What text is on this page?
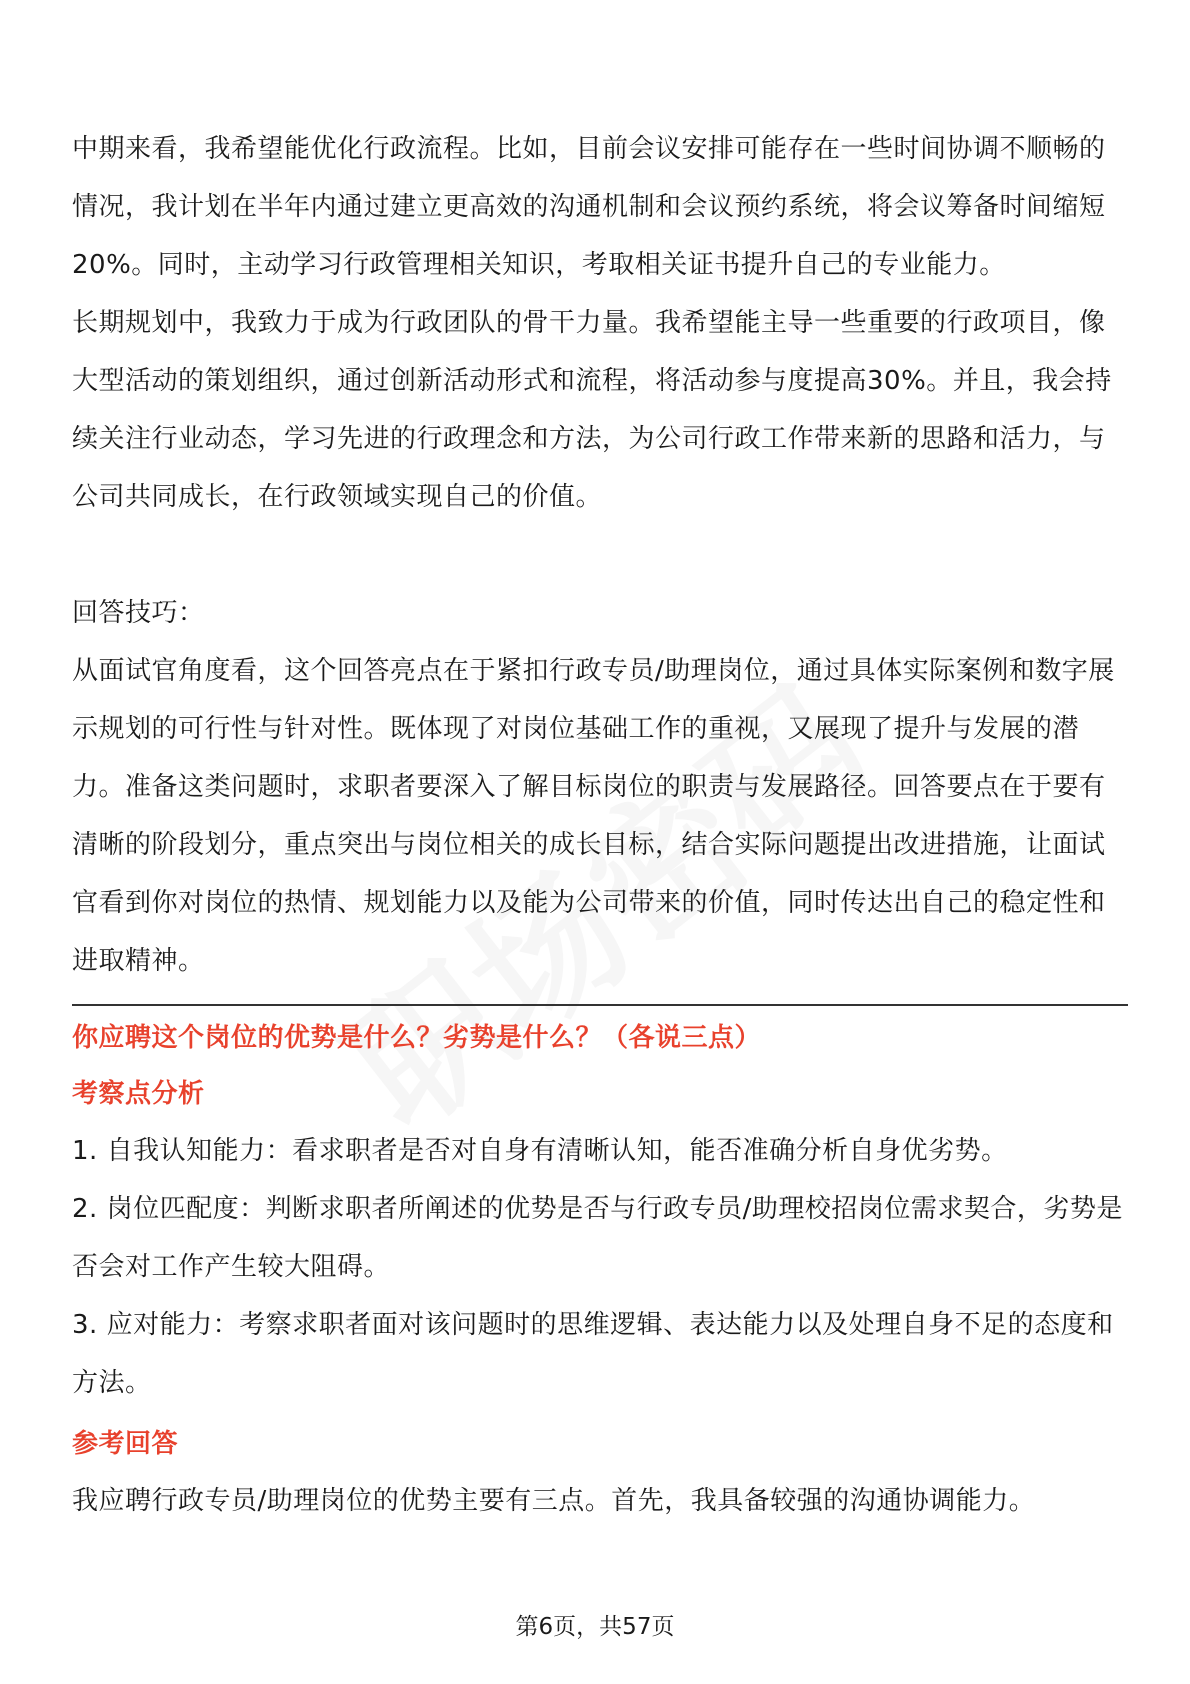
中期来看，我希望能优化行政流程。比如，目前会议安排可能存在一些时间协调不顺畅的情况，我计划在半年内通过建立更高效的沟通机制和会议预约系统，将会议筹备时间缩短20%。同时，主动学习行政管理相关知识，考取相关证书提升自己的专业能力。

长期规划中，我致力于成为行政团队的骨干力量。我希望能主导一些重要的行政项目，像大型活动的策划组织，通过创新活动形式和流程，将活动参与度提高30%。并且，我会持续关注行业动态，学习先进的行政理念和方法，为公司行政工作带来新的思路和活力，与公司共同成长，在行政领域实现自己的价值。

回答技巧：

从面试官角度看，这个回答亮点在于紧扣行政专员/助理岗位，通过具体实际案例和数字展示规划的可行性与针对性。既体现了对岗位基础工作的重视，又展现了提升与发展的潜力。准备这类问题时，求职者要深入了解目标岗位的职责与发展路径。回答要点在于要有清晰的阶段划分，重点突出与岗位相关的成长目标，结合实际问题提出改进措施，让面试官看到你对岗位的热情、规划能力以及能为公司带来的价值，同时传达出自己的稳定性和进取精神。

你应聘这个岗位的优势是什么？劣势是什么？（各说三点）

考察点分析

1. 自我认知能力：看求职者是否对自身有清晰认知，能否准确分析自身优劣势。
2. 岗位匹配度：判断求职者所阐述的优势是否与行政专员/助理校招岗位需求契合，劣势是否会对工作产生较大阻碍。
3. 应对能力：考察求职者面对该问题时的思维逻辑、表达能力以及处理自身不足的态度和方法。

参考回答

我应聘行政专员/助理岗位的优势主要有三点。首先，我具备较强的沟通协调能力。

第6页，共57页
